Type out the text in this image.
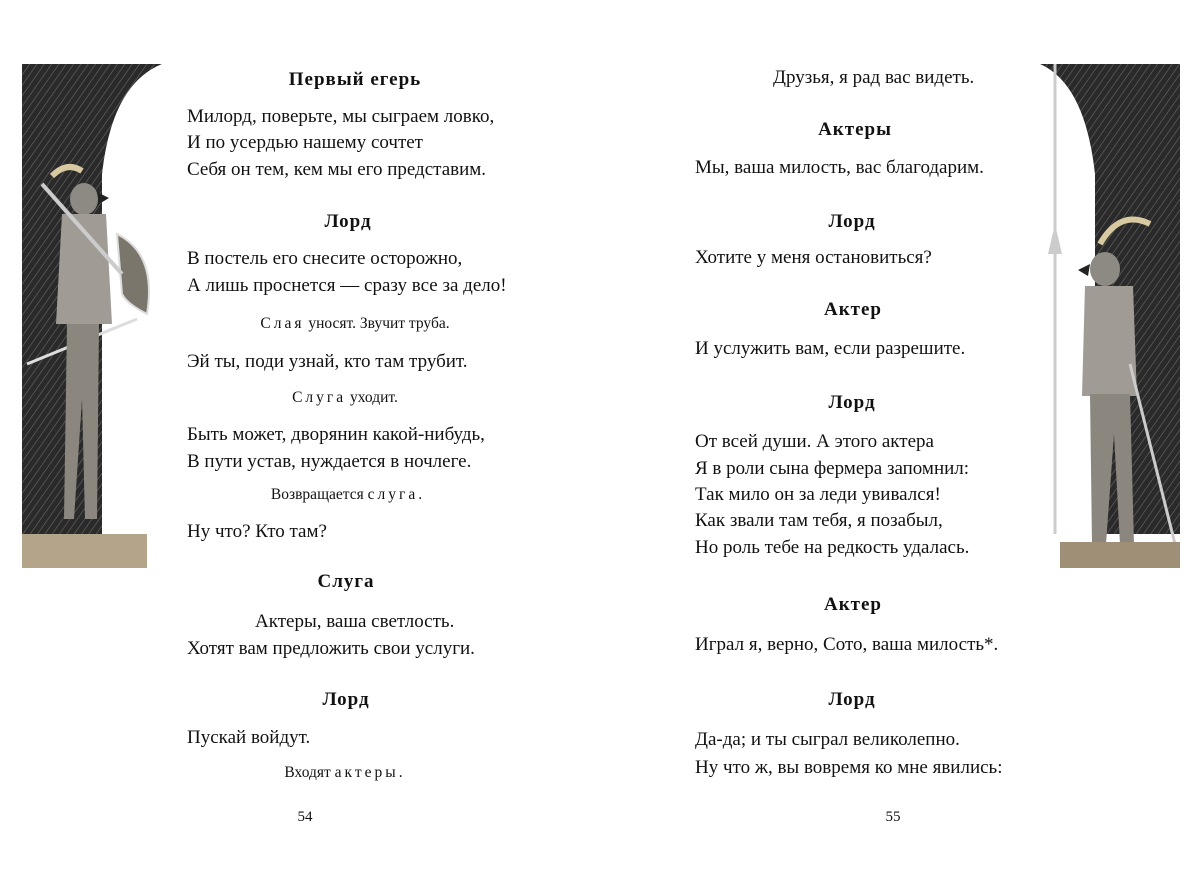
Первый егерь
Милорд, поверьте, мы сыграем ловко,
И по усердью нашему сочтет
Себя он тем, кем мы его представим.
Лорд
В постель его снесите осторожно,
А лишь проснется — сразу все за дело!
Слая уносят. Звучит труба.
Эй ты, поди узнай, кто там трубит.
Слуга уходит.
Быть может, дворянин какой-нибудь,
В пути устав, нуждается в ночлеге.
Возвращается слуга.
Ну что? Кто там?
Слуга
Актеры, ваша светлость.
Хотят вам предложить свои услуги.
Лорд
Пускай войдут.
Входят актеры.
54
Друзья, я рад вас видеть.
Актеры
Мы, ваша милость, вас благодарим.
Лорд
Хотите у меня остановиться?
Актер
И услужить вам, если разрешите.
Лорд
От всей души. А этого актера
Я в роли сына фермера запомнил:
Так мило он за леди увивался!
Как звали там тебя, я позабыл,
Но роль тебе на редкость удалась.
Актер
Играл я, верно, Сото, ваша милость*.
Лорд
Да-да; и ты сыграл великолепно.
Ну что ж, вы вовремя ко мне явились:
55
